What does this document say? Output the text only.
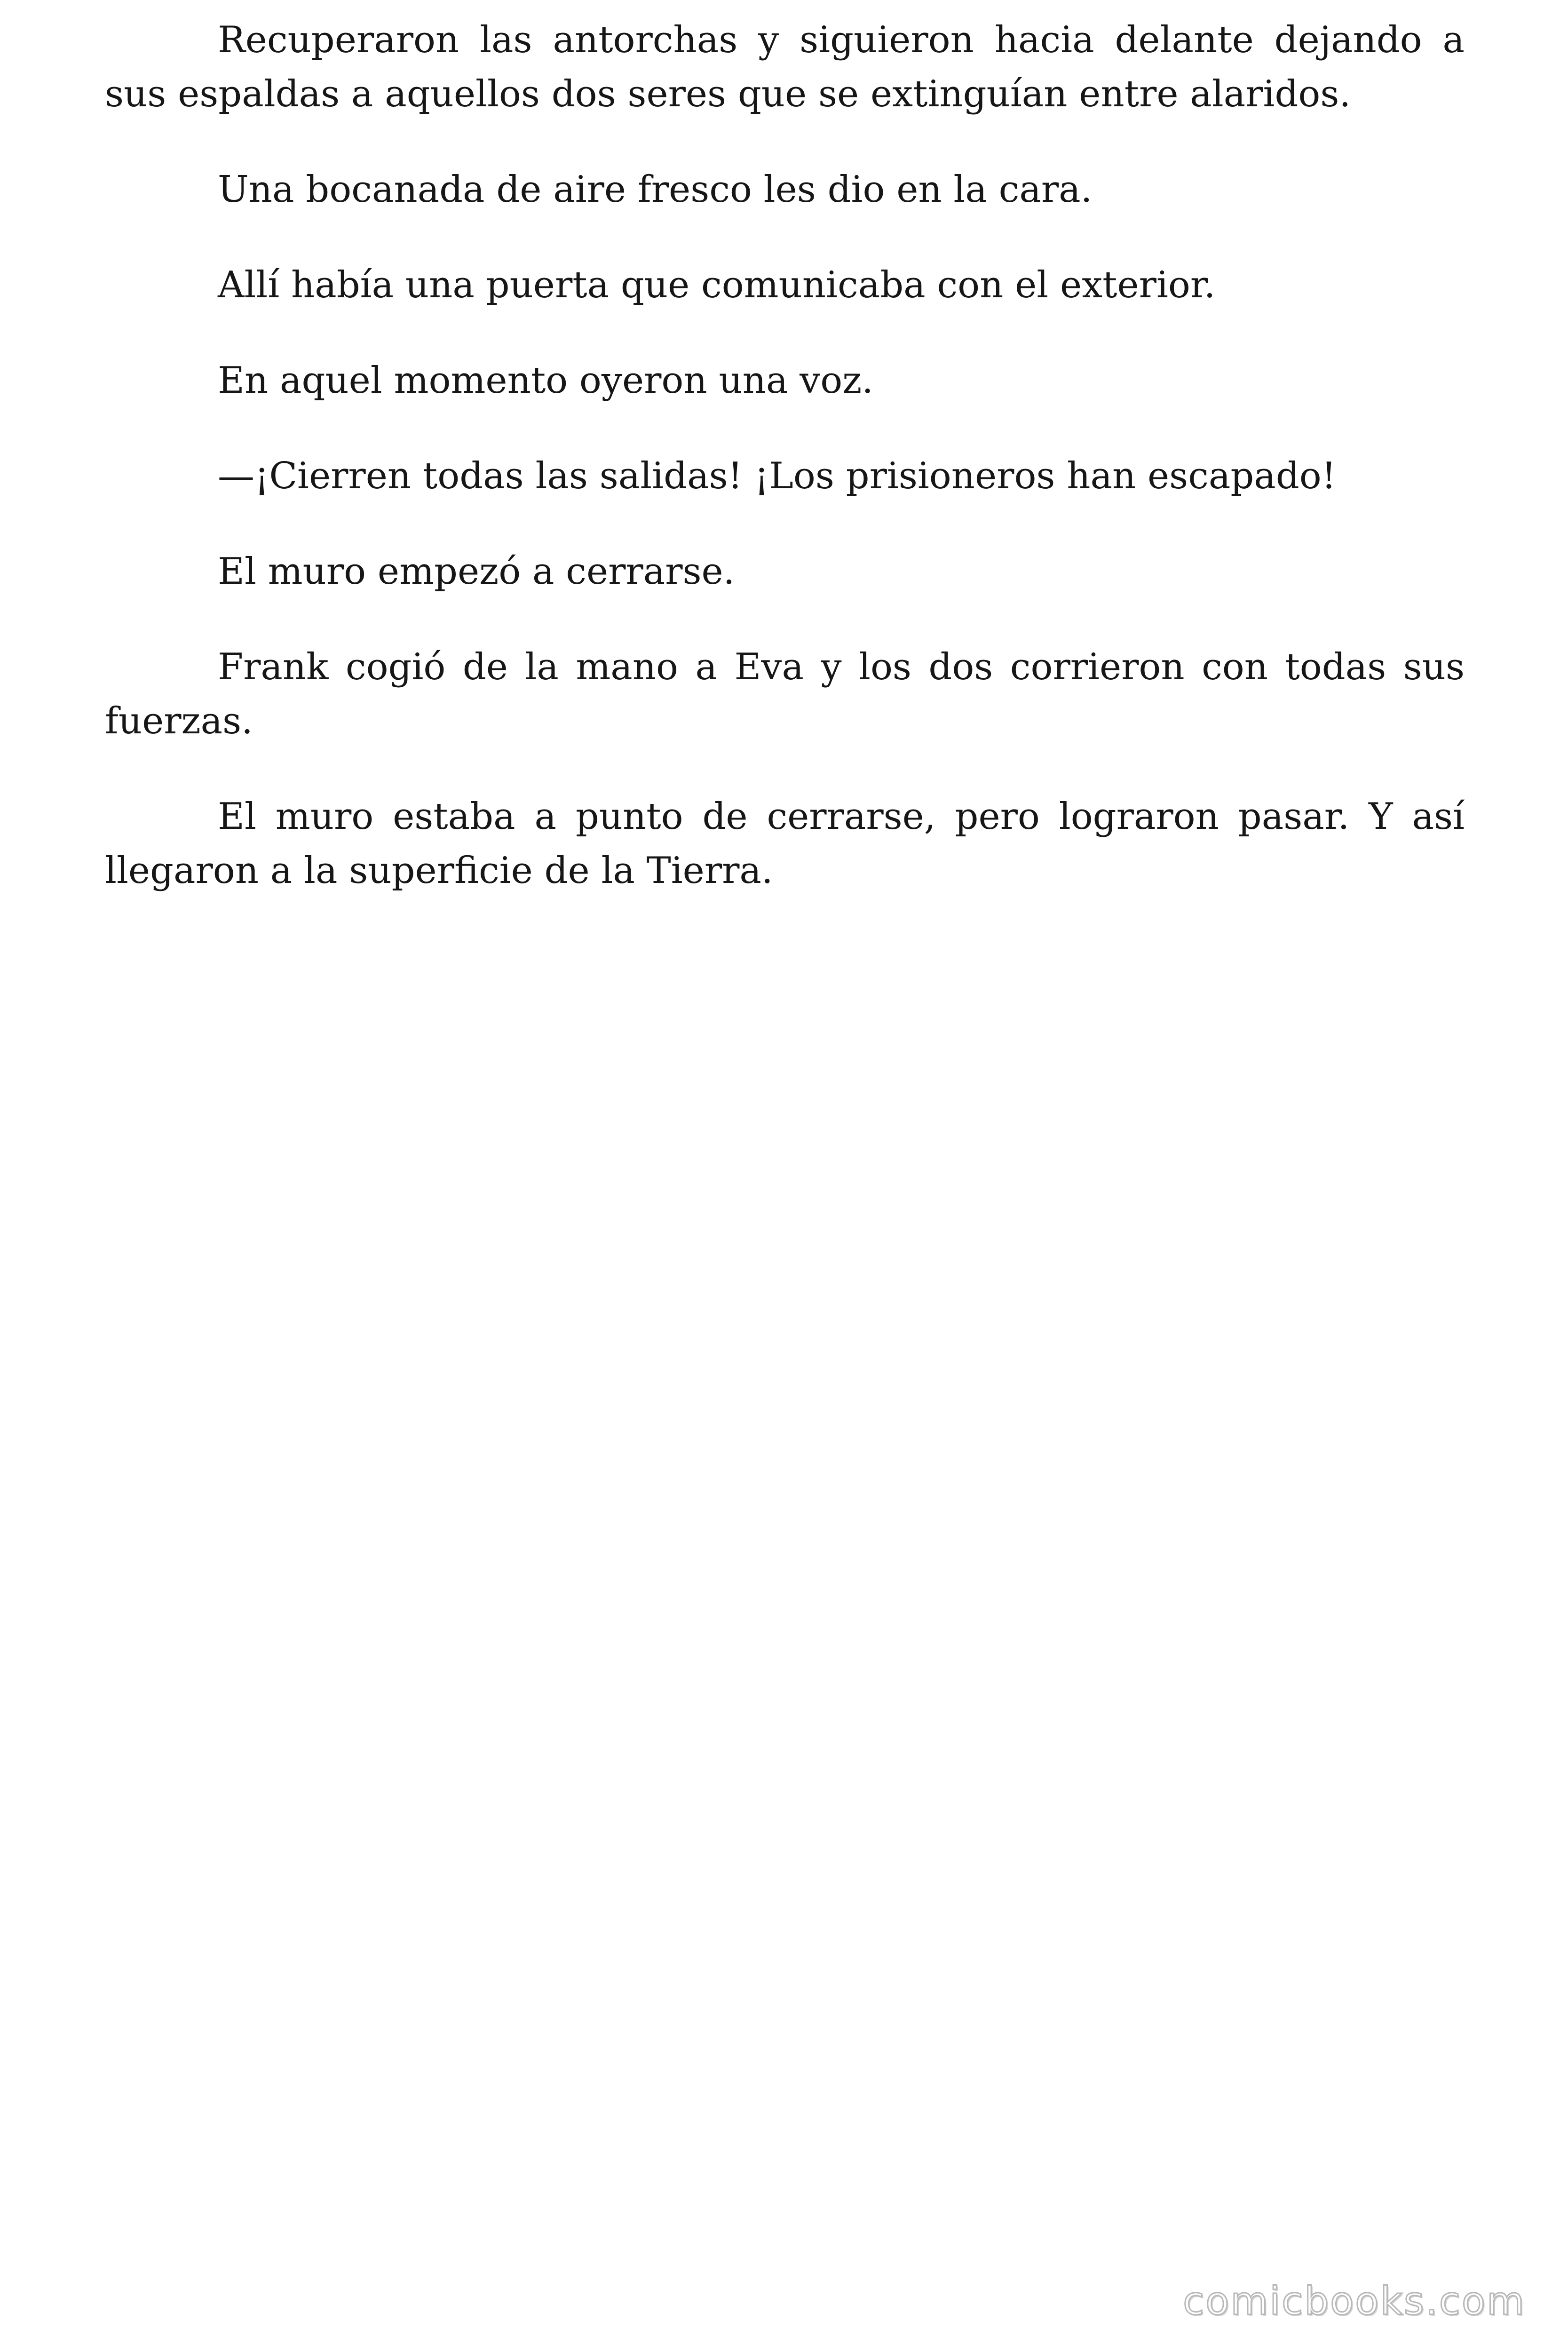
Recuperaron las antorchas y siguieron hacia delante dejando a sus espaldas a aquellos dos seres que se extinguían entre alaridos.

Una bocanada de aire fresco les dio en la cara.

Allí había una puerta que comunicaba con el exterior.

En aquel momento oyeron una voz.

—¡Cierren todas las salidas! ¡Los prisioneros han escapado!

El muro empezó a cerrarse.

Frank cogió de la mano a Eva y los dos corrieron con todas sus fuerzas.

El muro estaba a punto de cerrarse, pero lograron pasar. Y así llegaron a la superficie de la Tierra.

comicbooks.com
